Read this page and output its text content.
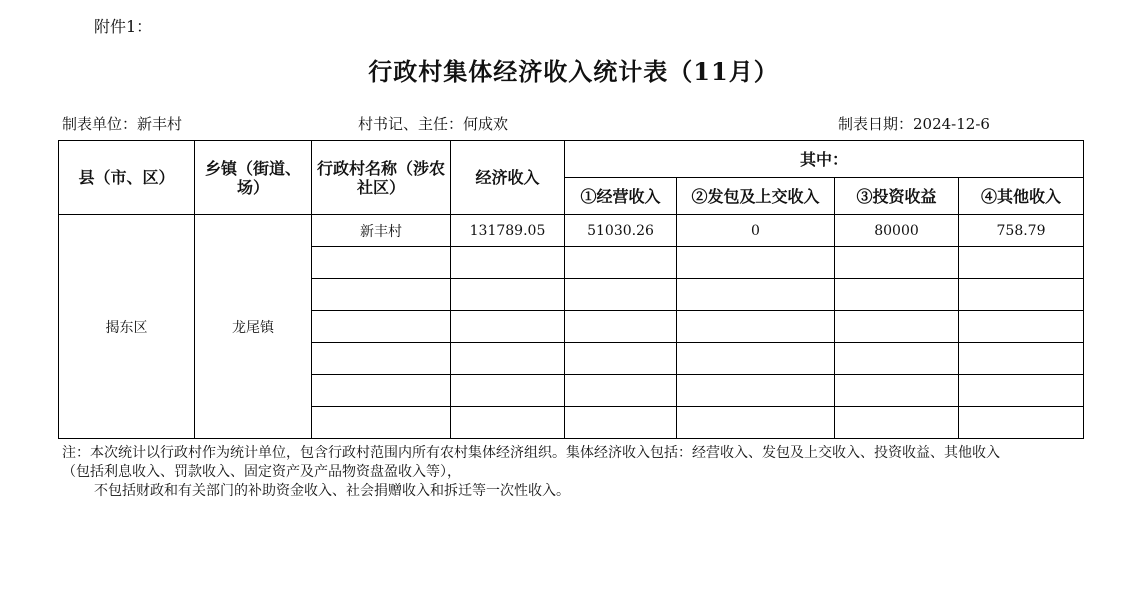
附件1：
行政村集体经济收入统计表（11月）
制表单位：新丰村	村书记、主任：何成欢	制表日期：2024-12-6
县（市、区）	乡镇（街道、场）	行政村名称（涉农社区）	经济收入	其中：			
				①经营收入	②发包及上交收入	③投资收益	④其他收入
揭东区	龙尾镇	新丰村	131789.05	51030.26	0	80000	758.79

注：本次统计以行政村作为统计单位，包含行政村范围内所有农村集体经济组织。集体经济收入包括：经营收入、发包及上交收入、投资收益、其他收入
（包括利息收入、罚款收入、固定资产及产品物资盘盈收入等），
不包括财政和有关部门的补助资金收入、社会捐赠收入和拆迁等一次性收入。
